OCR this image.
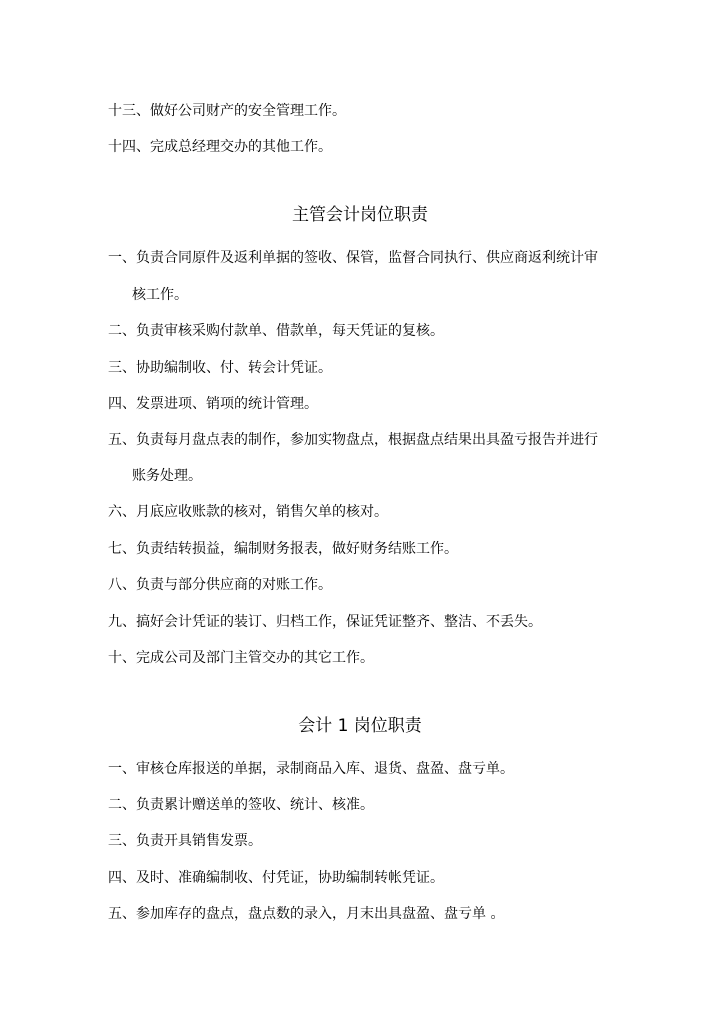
十三、做好公司财产的安全管理工作。
十四、完成总经理交办的其他工作。
主管会计岗位职责
一、负责合同原件及返利单据的签收、保管，监督合同执行、供应商返利统计审
核工作。
二、负责审核采购付款单、借款单，每天凭证的复核。
三、协助编制收、付、转会计凭证。
四、发票进项、销项的统计管理。
五、负责每月盘点表的制作，参加实物盘点，根据盘点结果出具盈亏报告并进行
账务处理。
六、月底应收账款的核对，销售欠单的核对。
七、负责结转损益，编制财务报表，做好财务结账工作。
八、负责与部分供应商的对账工作。
九、搞好会计凭证的装订、归档工作，保证凭证整齐、整洁、不丢失。
十、完成公司及部门主管交办的其它工作。
会计 1 岗位职责
一、审核仓库报送的单据，录制商品入库、退货、盘盈、盘亏单。
二、负责累计赠送单的签收、统计、核准。
三、负责开具销售发票。
四、及时、准确编制收、付凭证，协助编制转帐凭证。
五、参加库存的盘点，盘点数的录入，月末出具盘盈、盘亏单 。
